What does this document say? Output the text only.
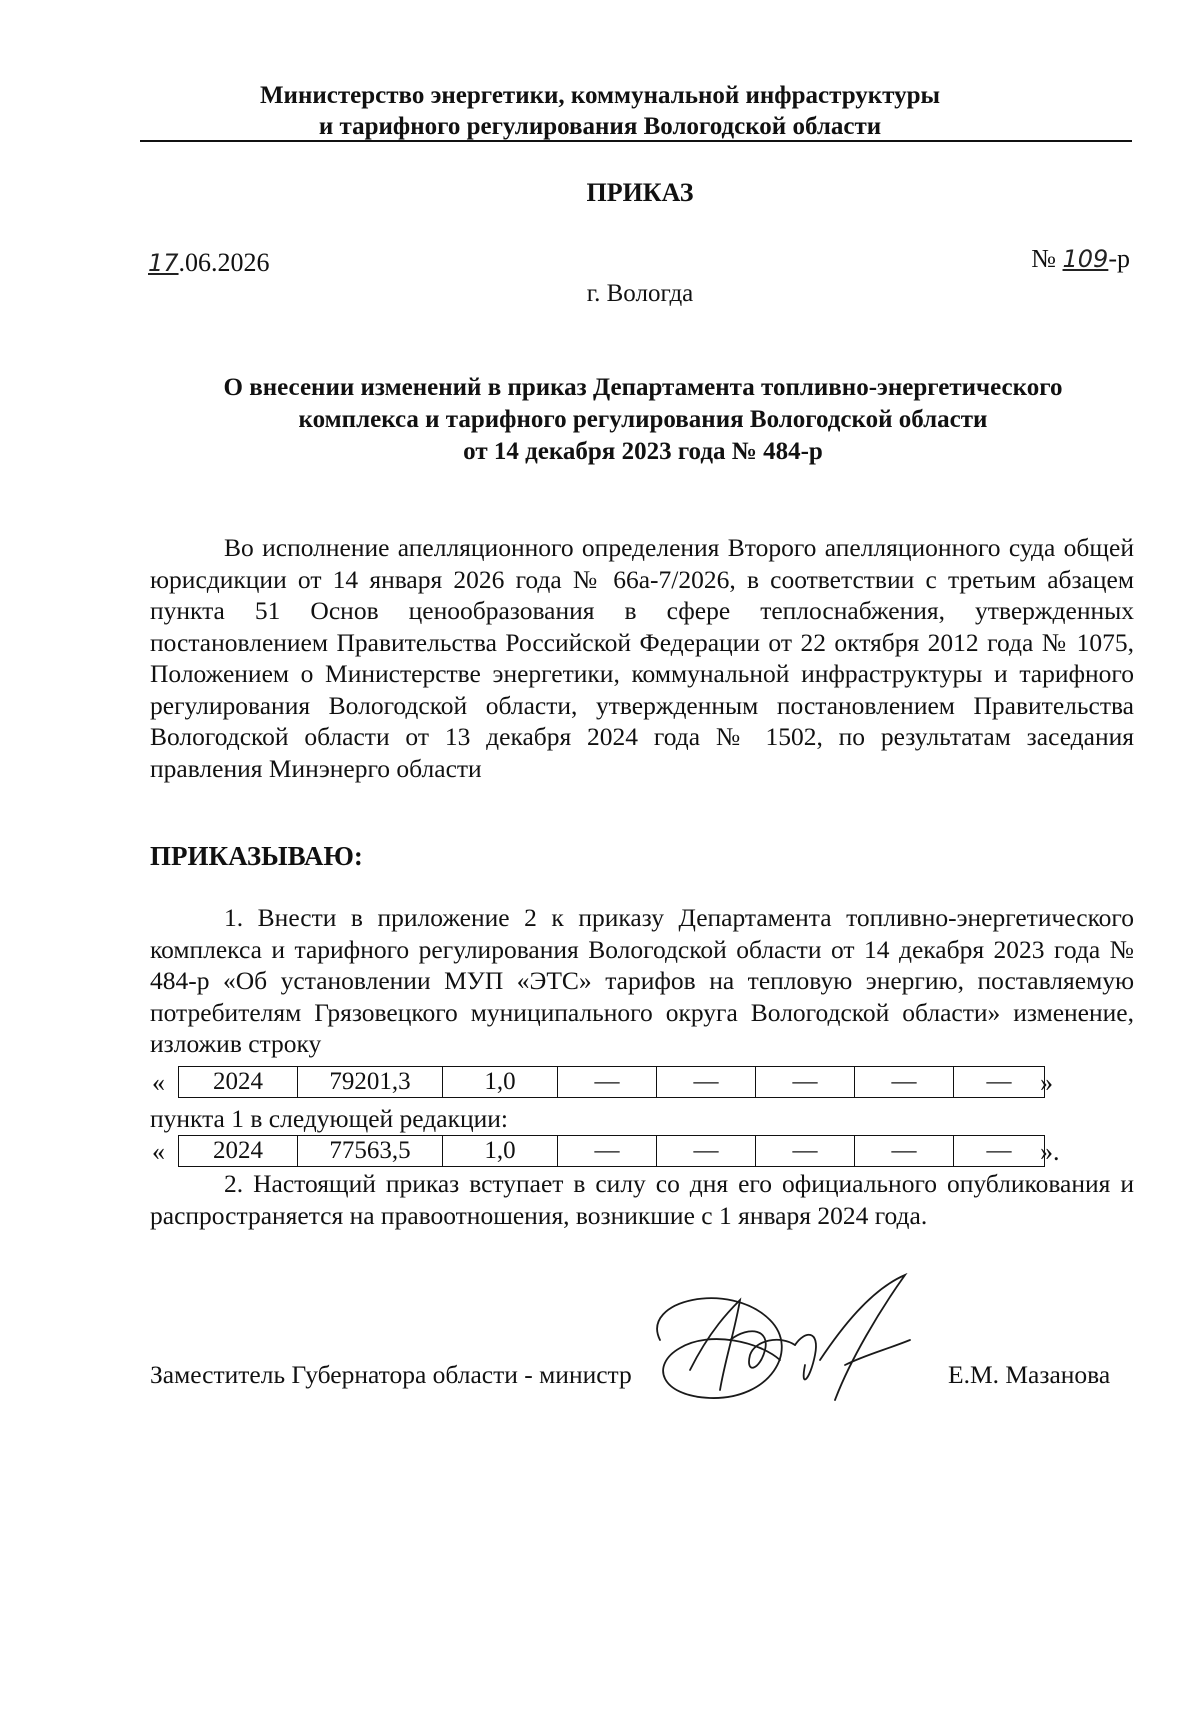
Министерство энергетики, коммунальной инфраструктуры
и тарифного регулирования Вологодской области
ПРИКАЗ
17.06.2026	№ 109-р
г. Вологда
О внесении изменений в приказ Департамента топливно-энергетического
комплекса и тарифного регулирования Вологодской области
от 14 декабря 2023 года № 484-р

Во исполнение апелляционного определения Второго апелляционного суда общей юрисдикции от 14 января 2026 года № 66а-7/2026, в соответствии с третьим абзацем пункта 51 Основ ценообразования в сфере теплоснабжения, утвержденных постановлением Правительства Российской Федерации от 22 октября 2012 года № 1075, Положением о Министерстве энергетики, коммунальной инфраструктуры и тарифного регулирования Вологодской области, утвержденным постановлением Правительства Вологодской области от 13 декабря 2024 года № 1502, по результатам заседания правления Минэнерго области

ПРИКАЗЫВАЮ:

1. Внести в приложение 2 к приказу Департамента топливно-энергетического комплекса и тарифного регулирования Вологодской области от 14 декабря 2023 года № 484-р «Об установлении МУП «ЭТС» тарифов на тепловую энергию, поставляемую потребителям Грязовецкого муниципального округа Вологодской области» изменение, изложив строку

« 2024	79201,3	1,0	—	—	—	—	— »
пункта 1 в следующей редакции:
« 2024	77563,5	1,0	—	—	—	—	— ».

2. Настоящий приказ вступает в силу со дня его официального опубликования и распространяется на правоотношения, возникшие с 1 января 2024 года.

Заместитель Губернатора области - министр	Е.М. Мазанова
